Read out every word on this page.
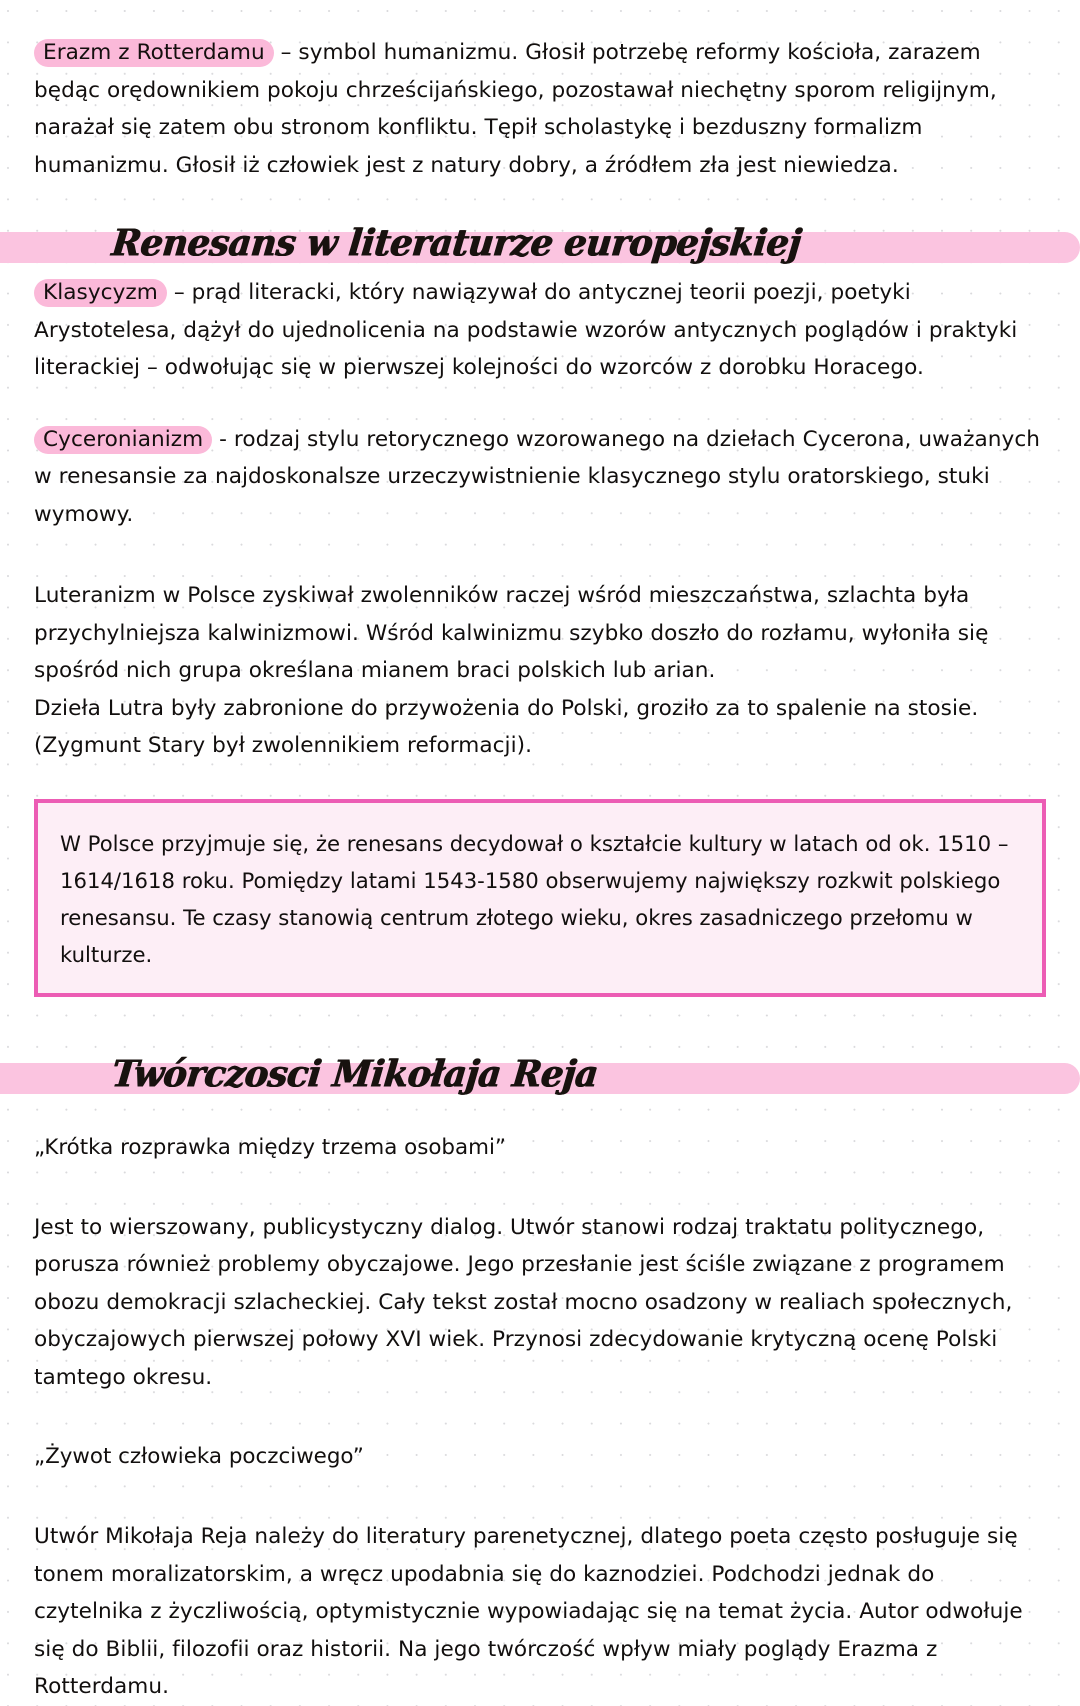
Erazm z Rotterdamu – symbol humanizmu. Głosił potrzebę reformy kościoła, zarazem będąc orędownikiem pokoju chrześcijańskiego, pozostawał niechętny sporom religijnym, narażał się zatem obu stronom konfliktu. Tępił scholastykę i bezduszny formalizm humanizmu. Głosił iż człowiek jest z natury dobry, a źródłem zła jest niewiedza.

Renesans w literaturze europejskiej

Klasycyzm – prąd literacki, który nawiązywał do antycznej teorii poezji, poetyki Arystotelesa, dążył do ujednolicenia na podstawie wzorów antycznych poglądów i praktyki literackiej – odwołując się w pierwszej kolejności do wzorców z dorobku Horacego.

Cyceronianizm - rodzaj stylu retorycznego wzorowanego na dziełach Cycerona, uważanych w renesansie za najdoskonalsze urzeczywistnienie klasycznego stylu oratorskiego, stuki wymowy.

Luteranizm w Polsce zyskiwał zwolenników raczej wśród mieszczaństwa, szlachta była przychylniejsza kalwinizmowi. Wśród kalwinizmu szybko doszło do rozłamu, wyłoniła się spośród nich grupa określana mianem braci polskich lub arian.

Dzieła Lutra były zabronione do przywożenia do Polski, groziło za to spalenie na stosie.

(Zygmunt Stary był zwolennikiem reformacji).

W Polsce przyjmuje się, że renesans decydował o kształcie kultury w latach od ok. 1510 – 1614/1618 roku. Pomiędzy latami 1543-1580 obserwujemy największy rozkwit polskiego renesansu. Te czasy stanowią centrum złotego wieku, okres zasadniczego przełomu w kulturze.

Twórczosci Mikołaja Reja

„Krótka rozprawka między trzema osobami”

Jest to wierszowany, publicystyczny dialog. Utwór stanowi rodzaj traktatu politycznego, porusza również problemy obyczajowe. Jego przesłanie jest ściśle związane z programem obozu demokracji szlacheckiej. Cały tekst został mocno osadzony w realiach społecznych, obyczajowych pierwszej połowy XVI wiek. Przynosi zdecydowanie krytyczną ocenę Polski tamtego okresu.

„Żywot człowieka poczciwego”

Utwór Mikołaja Reja należy do literatury parenetycznej, dlatego poeta często posługuje się tonem moralizatorskim, a wręcz upodabnia się do kaznodziei. Podchodzi jednak do czytelnika z życzliwością, optymistycznie wypowiadając się na temat życia. Autor odwołuje się do Biblii, filozofii oraz historii. Na jego twórczość wpływ miały poglądy Erazma z Rotterdamu.
